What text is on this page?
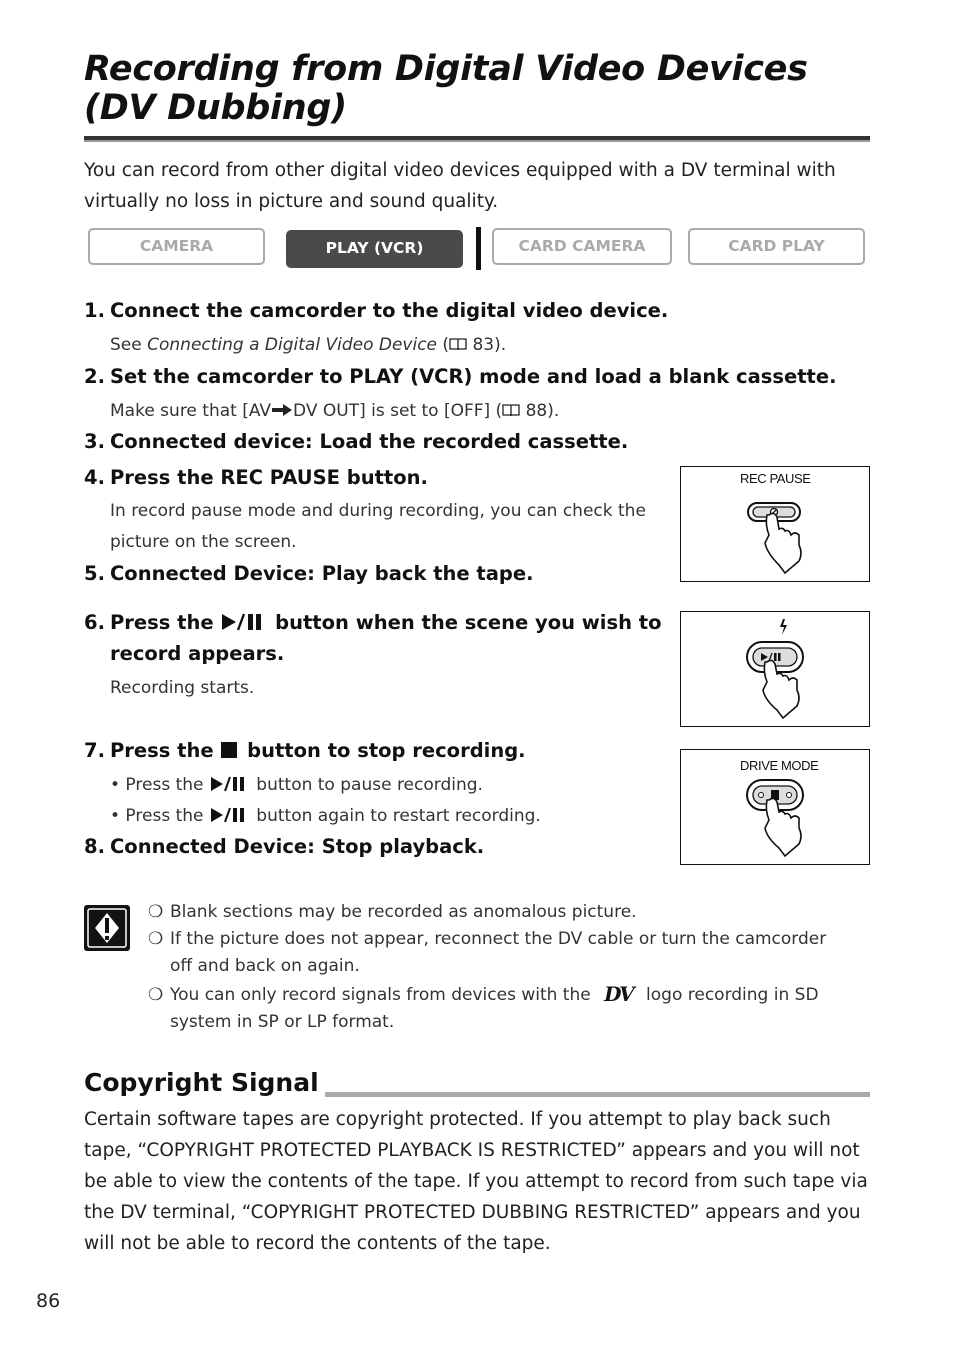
Recording from Digital Video Devices
(DV Dubbing)
You can record from other digital video devices equipped with a DV terminal with virtually no loss in picture and sound quality.
CAMERA	PLAY (VCR)	CARD CAMERA	CARD PLAY
1. Connect the camcorder to the digital video device.
See Connecting a Digital Video Device ( 83).
2. Set the camcorder to PLAY (VCR) mode and load a blank cassette.
Make sure that [AV DV OUT] is set to [OFF] ( 88).
3. Connected device: Load the recorded cassette.
4. Press the REC PAUSE button.
In record pause mode and during recording, you can check the
picture on the screen.
5. Connected Device: Play back the tape.
6. Press the  button when the scene you wish to
record appears.
Recording starts.
7. Press the  button to stop recording.
• Press the  button to pause recording.
• Press the  button again to restart recording.
8. Connected Device: Stop playback.
REC PAUSE
DRIVE MODE
❍ Blank sections may be recorded as anomalous picture.
❍ If the picture does not appear, reconnect the DV cable or turn the camcorder
off and back on again.
❍ You can only record signals from devices with the DV logo recording in SD
system in SP or LP format.
Copyright Signal
Certain software tapes are copyright protected. If you attempt to play back such tape, “COPYRIGHT PROTECTED PLAYBACK IS RESTRICTED” appears and you will not be able to view the contents of the tape. If you attempt to record from such tape via the DV terminal, “COPYRIGHT PROTECTED DUBBING RESTRICTED” appears and you will not be able to record the contents of the tape.
86
